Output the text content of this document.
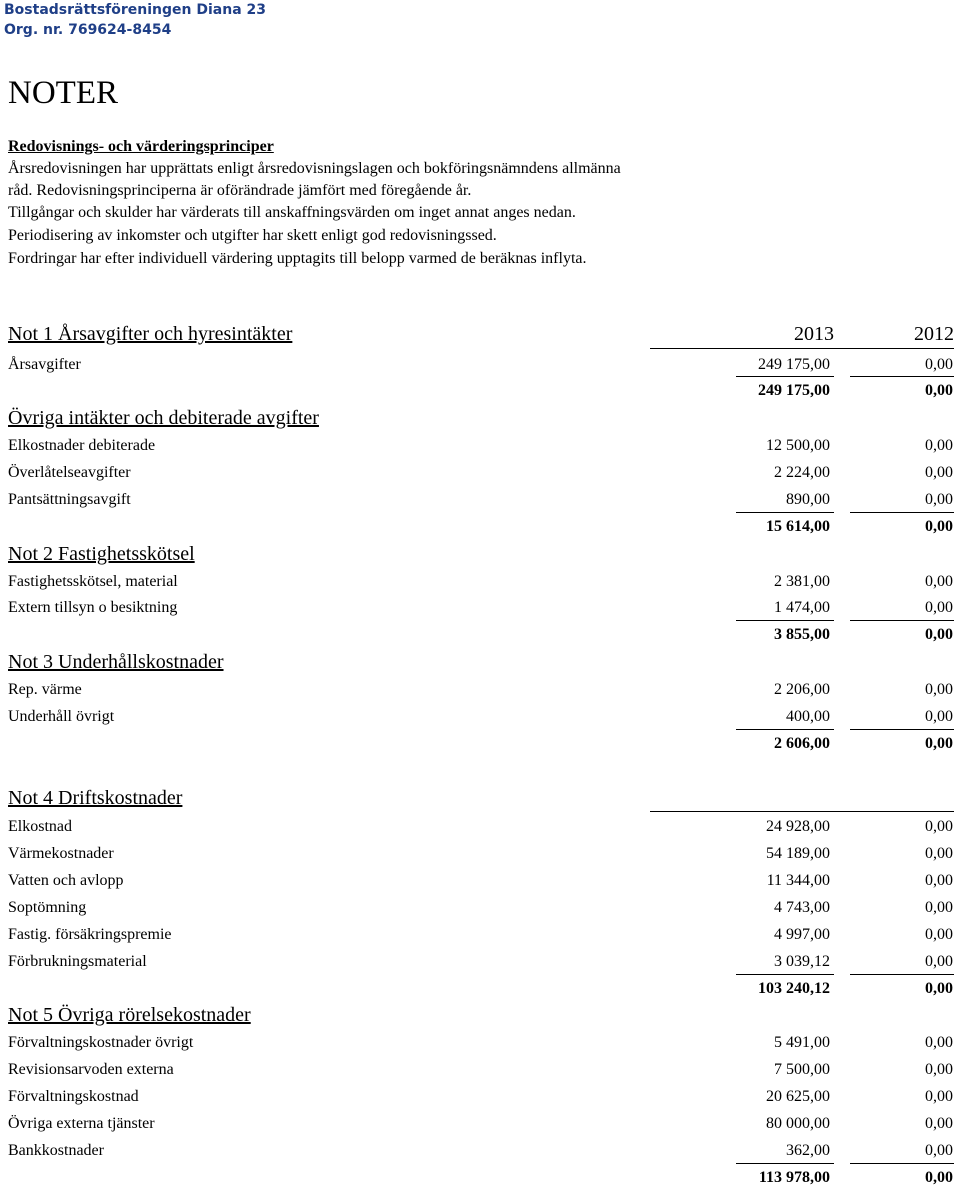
Bostadsrättsföreningen Diana 23
Org. nr. 769624-8454
NOTER
Redovisnings- och värderingsprinciper
Årsredovisningen har upprättats enligt årsredovisningslagen och bokföringsnämndens allmänna
råd. Redovisningsprinciperna är oförändrade jämfört med föregående år.
Tillgångar och skulder har värderats till anskaffningsvärden om inget annat anges nedan.
Periodisering av inkomster och utgifter har skett enligt god redovisningssed.
Fordringar har efter individuell värdering upptagits till belopp varmed de beräknas inflyta.
Not 1 Årsavgifter och hyresintäkter	2013	2012
Årsavgifter	249 175,00	0,00
249 175,00	0,00
Övriga intäkter och debiterade avgifter
Elkostnader debiterade	12 500,00	0,00
Överlåtelseavgifter	2 224,00	0,00
Pantsättningsavgift	890,00	0,00
15 614,00	0,00
Not 2 Fastighetsskötsel
Fastighetsskötsel, material	2 381,00	0,00
Extern tillsyn o besiktning	1 474,00	0,00
3 855,00	0,00
Not 3 Underhållskostnader
Rep. värme	2 206,00	0,00
Underhåll övrigt	400,00	0,00
2 606,00	0,00
Not 4 Driftskostnader
Elkostnad	24 928,00	0,00
Värmekostnader	54 189,00	0,00
Vatten och avlopp	11 344,00	0,00
Soptömning	4 743,00	0,00
Fastig. försäkringspremie	4 997,00	0,00
Förbrukningsmaterial	3 039,12	0,00
103 240,12	0,00
Not 5 Övriga rörelsekostnader
Förvaltningskostnader övrigt	5 491,00	0,00
Revisionsarvoden externa	7 500,00	0,00
Förvaltningskostnad	20 625,00	0,00
Övriga externa tjänster	80 000,00	0,00
Bankkostnader	362,00	0,00
113 978,00	0,00
